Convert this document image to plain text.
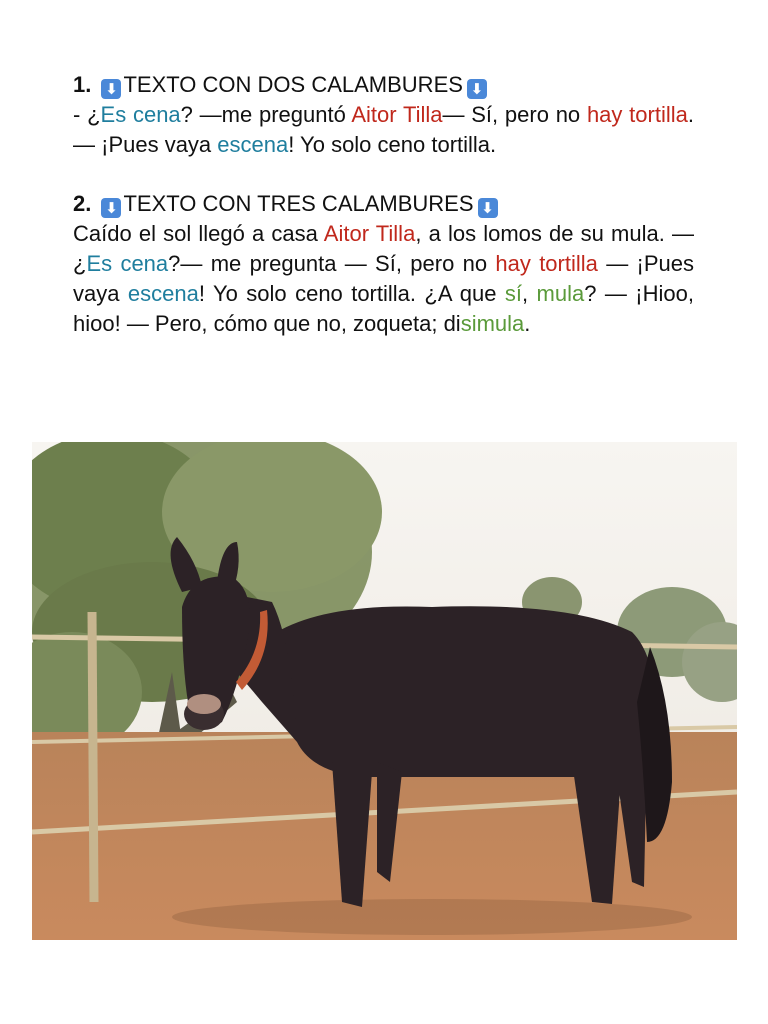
1. ⬇ TEXTO CON DOS CALAMBURES ⬇

- ¿Es cena? —me preguntó Aitor Tilla— Sí, pero no hay tortilla. — ¡Pues vaya escena! Yo solo ceno tortilla.

2. ⬇ TEXTO CON TRES CALAMBURES ⬇

Caído el sol llegó a casa Aitor Tilla, a los lomos de su mula. —¿Es cena?— me pregunta — Sí, pero no hay tortilla — ¡Pues vaya escena! Yo solo ceno tortilla. ¿A que sí, mula? — ¡Hioo, hioo! — Pero, cómo que no, zoqueta; disimula.
